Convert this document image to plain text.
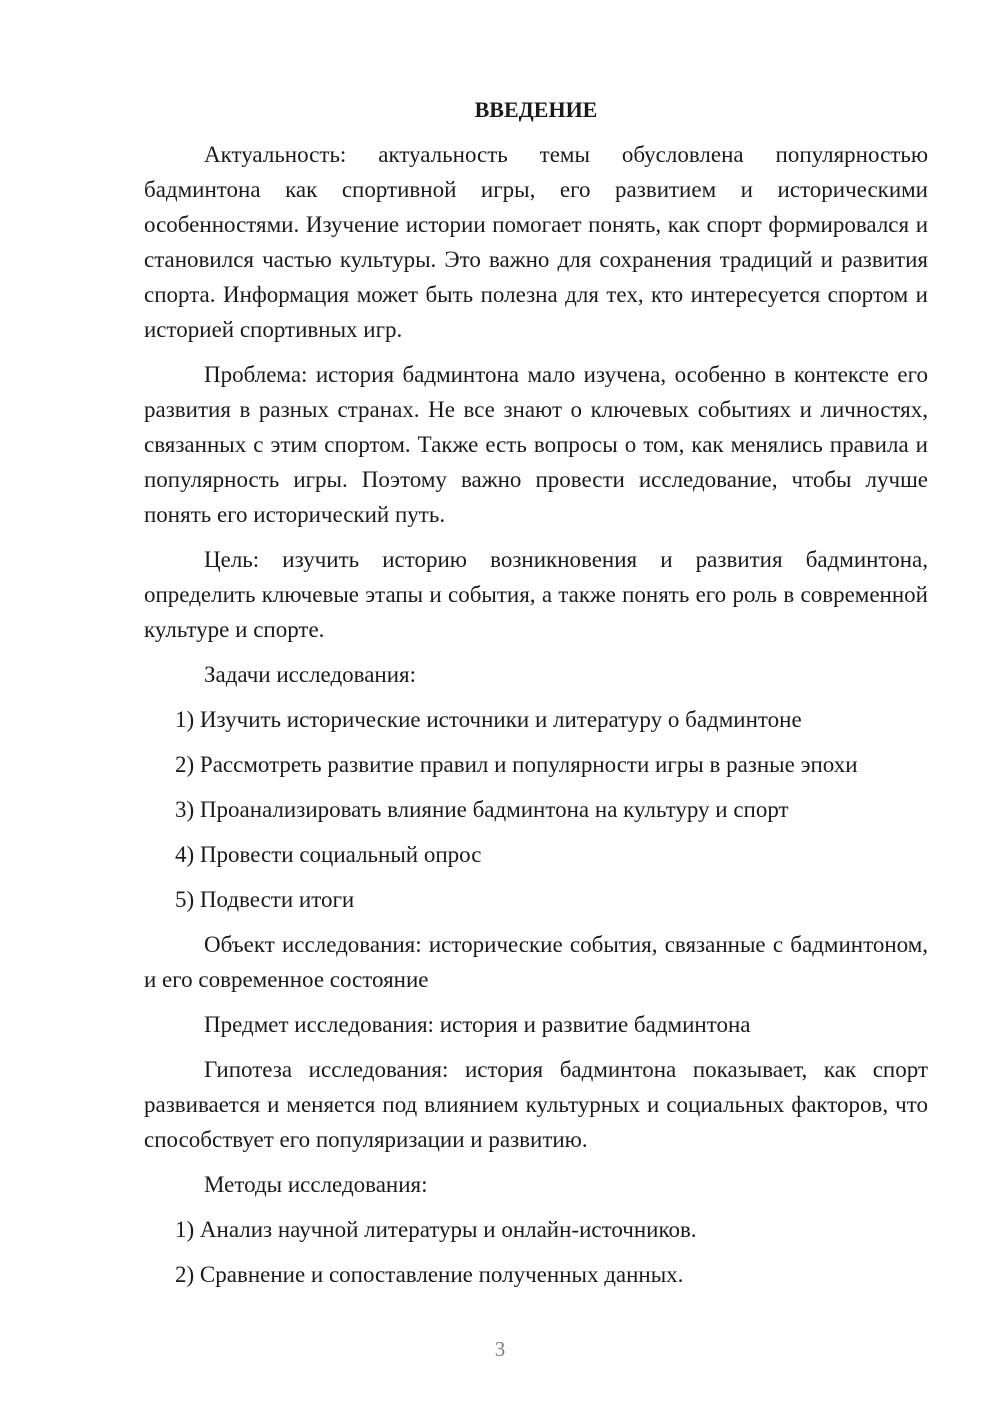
ВВЕДЕНИЕ

Актуальность: актуальность темы обусловлена популярностью бадминтона как спортивной игры, его развитием и историческими особенностями. Изучение истории помогает понять, как спорт формировался и становился частью культуры. Это важно для сохранения традиций и развития спорта. Информация может быть полезна для тех, кто интересуется спортом и историей спортивных игр.

Проблема: история бадминтона мало изучена, особенно в контексте его развития в разных странах. Не все знают о ключевых событиях и личностях, связанных с этим спортом. Также есть вопросы о том, как менялись правила и популярность игры. Поэтому важно провести исследование, чтобы лучше понять его исторический путь.

Цель: изучить историю возникновения и развития бадминтона, определить ключевые этапы и события, а также понять его роль в современной культуре и спорте.

Задачи исследования:

1) Изучить исторические источники и литературу о бадминтоне

2) Рассмотреть развитие правил и популярности игры в разные эпохи

3) Проанализировать влияние бадминтона на культуру и спорт

4) Провести социальный опрос

5) Подвести итоги

Объект исследования: исторические события, связанные с бадминтоном, и его современное состояние

Предмет исследования: история и развитие бадминтона

Гипотеза исследования: история бадминтона показывает, как спорт развивается и меняется под влиянием культурных и социальных факторов, что способствует его популяризации и развитию.

Методы исследования:

1) Анализ научной литературы и онлайн-источников.

2) Сравнение и сопоставление полученных данных.

3
